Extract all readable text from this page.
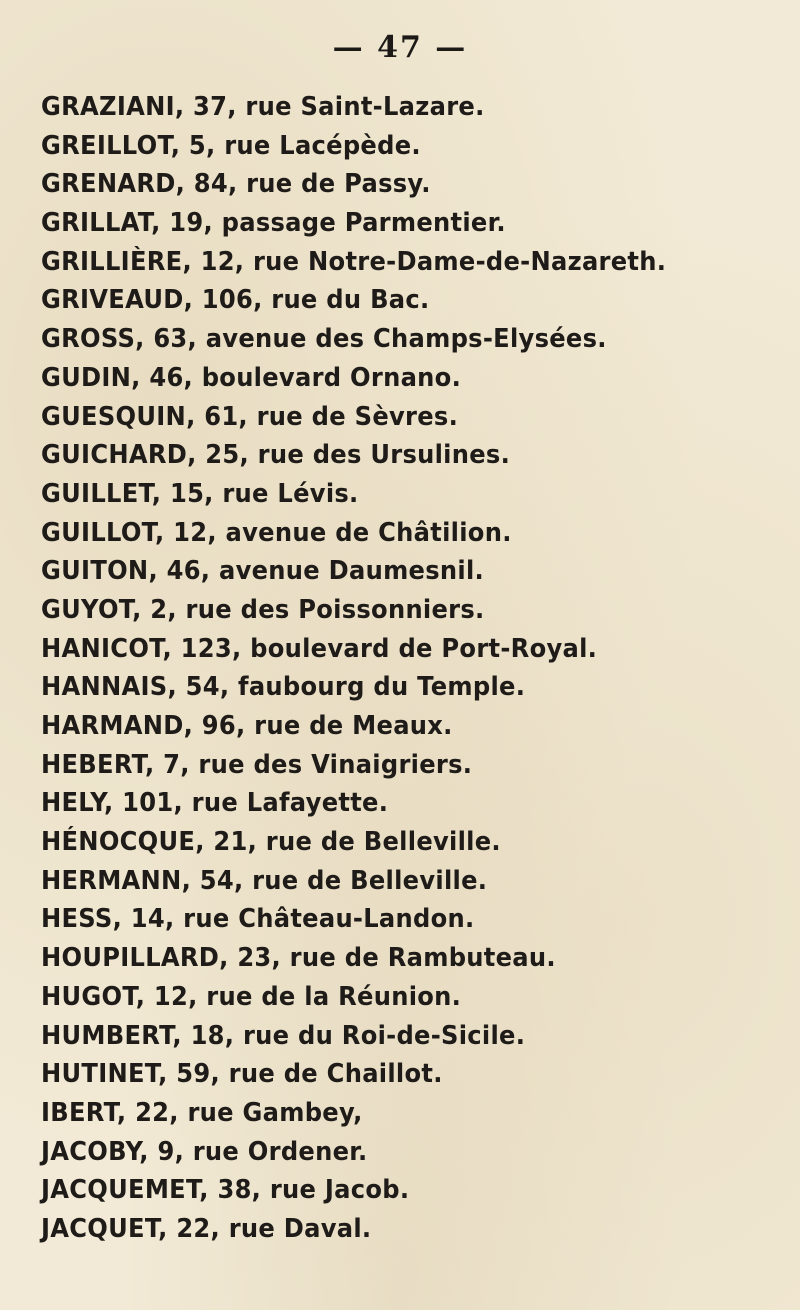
— 47 —
GRAZIANI, 37, rue Saint-Lazare.
GREILLOT, 5, rue Lacépède.
GRENARD, 84, rue de Passy.
GRILLAT, 19, passage Parmentier.
GRILLIÈRE, 12, rue Notre-Dame-de-Nazareth.
GRIVEAUD, 106, rue du Bac.
GROSS, 63, avenue des Champs-Elysées.
GUDIN, 46, boulevard Ornano.
GUESQUIN, 61, rue de Sèvres.
GUICHARD, 25, rue des Ursulines.
GUILLET, 15, rue Lévis.
GUILLOT, 12, avenue de Châtilion.
GUITON, 46, avenue Daumesnil.
GUYOT, 2, rue des Poissonniers.
HANICOT, 123, boulevard de Port-Royal.
HANNAIS, 54, faubourg du Temple.
HARMAND, 96, rue de Meaux.
HEBERT, 7, rue des Vinaigriers.
HELY, 101, rue Lafayette.
HÉNOCQUE, 21, rue de Belleville.
HERMANN, 54, rue de Belleville.
HESS, 14, rue Château-Landon.
HOUPILLARD, 23, rue de Rambuteau.
HUGOT, 12, rue de la Réunion.
HUMBERT, 18, rue du Roi-de-Sicile.
HUTINET, 59, rue de Chaillot.
IBERT, 22, rue Gambey,
JACOBY, 9, rue Ordener.
JACQUEMET, 38, rue Jacob.
JACQUET, 22, rue Daval.
